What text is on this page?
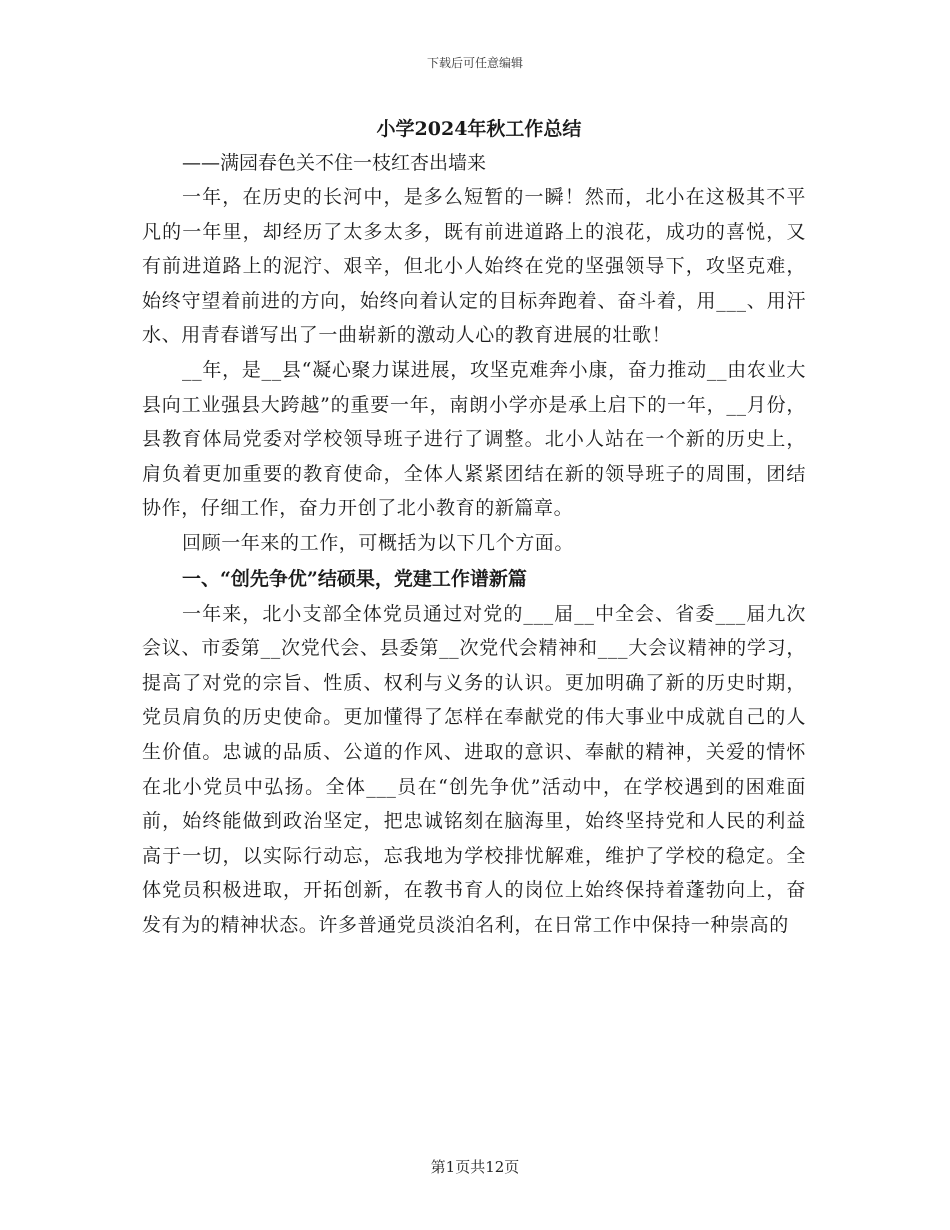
下载后可任意编辑
小学2024年秋工作总结

——满园春色关不住一枝红杏出墙来

一年，在历史的长河中，是多么短暂的一瞬！然而，北小在这极其不平凡的一年里，却经历了太多太多，既有前进道路上的浪花，成功的喜悦，又有前进道路上的泥泞、艰辛，但北小人始终在党的坚强领导下，攻坚克难，始终守望着前进的方向，始终向着认定的目标奔跑着、奋斗着，用___、用汗水、用青春谱写出了一曲崭新的激动人心的教育进展的壮歌！

__年，是__县“凝心聚力谋进展，攻坚克难奔小康，奋力推动__由农业大县向工业强县大跨越”的重要一年，南朗小学亦是承上启下的一年，__月份，县教育体局党委对学校领导班子进行了调整。北小人站在一个新的历史上，肩负着更加重要的教育使命，全体人紧紧团结在新的领导班子的周围，团结协作，仔细工作，奋力开创了北小教育的新篇章。

回顾一年来的工作，可概括为以下几个方面。

一、“创先争优”结硕果，党建工作谱新篇

一年来，北小支部全体党员通过对党的___届__中全会、省委___届九次会议、市委第__次党代会、县委第__次党代会精神和___大会议精神的学习，提高了对党的宗旨、性质、权利与义务的认识。更加明确了新的历史时期，党员肩负的历史使命。更加懂得了怎样在奉献党的伟大事业中成就自己的人生价值。忠诚的品质、公道的作风、进取的意识、奉献的精神，关爱的情怀在北小党员中弘扬。全体___员在“创先争优”活动中，在学校遇到的困难面前，始终能做到政治坚定，把忠诚铭刻在脑海里，始终坚持党和人民的利益高于一切，以实际行动忘，忘我地为学校排忧解难，维护了学校的稳定。全体党员积极进取，开拓创新，在教书育人的岗位上始终保持着蓬勃向上，奋发有为的精神状态。许多普通党员淡泊名利，在日常工作中保持一种崇高的

第1页共12页
